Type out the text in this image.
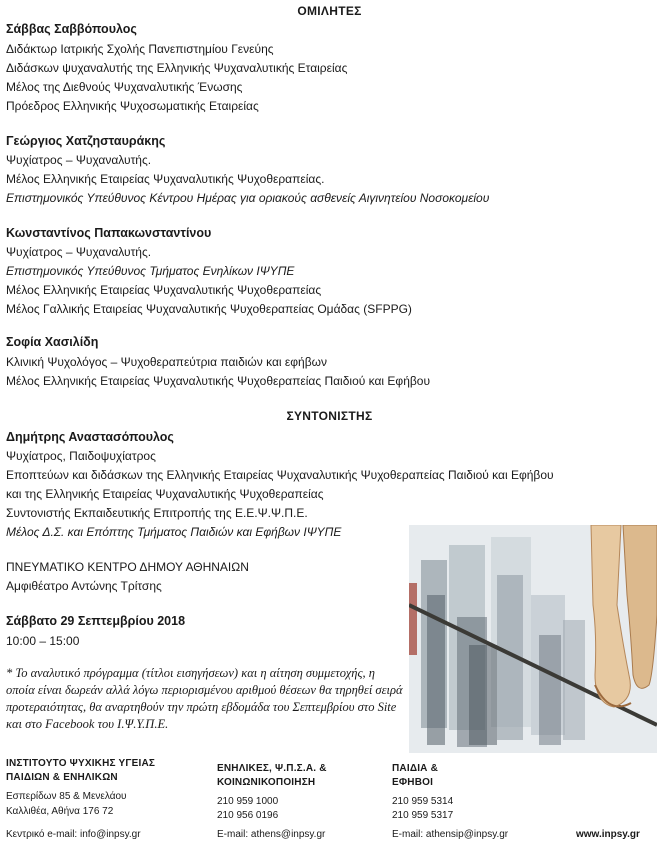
ΟΜΙΛΗΤΕΣ
Σάββας Σαββόπουλος
Διδάκτωρ Ιατρικής Σχολής Πανεπιστημίου Γενεύης
Διδάσκων ψυχαναλυτής της Ελληνικής Ψυχαναλυτικής Εταιρείας
Μέλος της Διεθνούς Ψυχαναλυτικής Ένωσης
Πρόεδρος Ελληνικής Ψυχοσωματικής Εταιρείας
Γεώργιος Χατζησταυράκης
Ψυχίατρος – Ψυχαναλυτής.
Μέλος Ελληνικής Εταιρείας Ψυχαναλυτικής Ψυχοθεραπείας.
Επιστημονικός Υπεύθυνος Κέντρου Ημέρας για οριακούς ασθενείς Αιγινητείου Νοσοκομείου
Κωνσταντίνος Παπακωνσταντίνου
Ψυχίατρος – Ψυχαναλυτής.
Επιστημονικός Υπεύθυνος Τμήματος Ενηλίκων ΙΨΥΠΕ
Μέλος Ελληνικής Εταιρείας Ψυχαναλυτικής Ψυχοθεραπείας
Μέλος Γαλλικής Εταιρείας Ψυχαναλυτικής Ψυχοθεραπείας Ομάδας (SFPPG)
Σοφία Χασιλίδη
Κλινική Ψυχολόγος – Ψυχοθεραπεύτρια παιδιών και εφήβων
Μέλος Ελληνικής Εταιρείας Ψυχαναλυτικής Ψυχοθεραπείας Παιδιού και Εφήβου
ΣΥΝΤΟΝΙΣΤΗΣ
Δημήτρης Αναστασόπουλος
Ψυχίατρος, Παιδοψυχίατρος
Εποπτεύων και διδάσκων της Ελληνικής Εταιρείας Ψυχαναλυτικής Ψυχοθεραπείας Παιδιού και Εφήβου
και της Ελληνικής Εταιρείας Ψυχαναλυτικής Ψυχοθεραπείας
Συντονιστής Εκπαιδευτικής Επιτροπής της Ε.Ε.Ψ.Ψ.Π.Ε.
Μέλος Δ.Σ. και Επόπτης Τμήματος Παιδιών και Εφήβων ΙΨΥΠΕ
ΠΝΕΥΜΑΤΙΚΟ ΚΕΝΤΡΟ ΔΗΜΟΥ ΑΘΗΝΑΙΩΝ
Αμφιθέατρο Αντώνης Τρίτσης
Σάββατο 29 Σεπτεμβρίου 2018
10:00 – 15:00
* Το αναλυτικό πρόγραμμα (τίτλοι εισηγήσεων) και η αίτηση συμμετοχής, η οποία είναι δωρεάν αλλά λόγω περιορισμένου αριθμού θέσεων θα τηρηθεί σειρά προτεραιότητας, θα αναρτηθούν την πρώτη εβδομάδα του Σεπτεμβρίου στο Site και στο Facebook του Ι.Ψ.Υ.Π.Ε.
ΙΝΣΤΙΤΟΥΤΟ ΨΥΧΙΚΗΣ ΥΓΕΙΑΣ ΠΑΙΔΙΩΝ & ΕΝΗΛΙΚΩΝ
Εσπερίδων 85 & Μενελάου
Καλλιθέα, Αθήνα 176 72
Κεντρικό e-mail: info@inpsy.gr
ΕΝΗΛΙΚΕΣ, Ψ.Π.Σ.Α. & ΚΟΙΝΩΝΙΚΟΠΟΙΗΣΗ
210 959 1000
210 956 0196
E-mail: athens@inpsy.gr
ΠΑΙΔΙΑ & ΕΦΗΒΟΙ
210 959 5314
210 959 5317
E-mail: athensip@inpsy.gr	www.inpsy.gr
